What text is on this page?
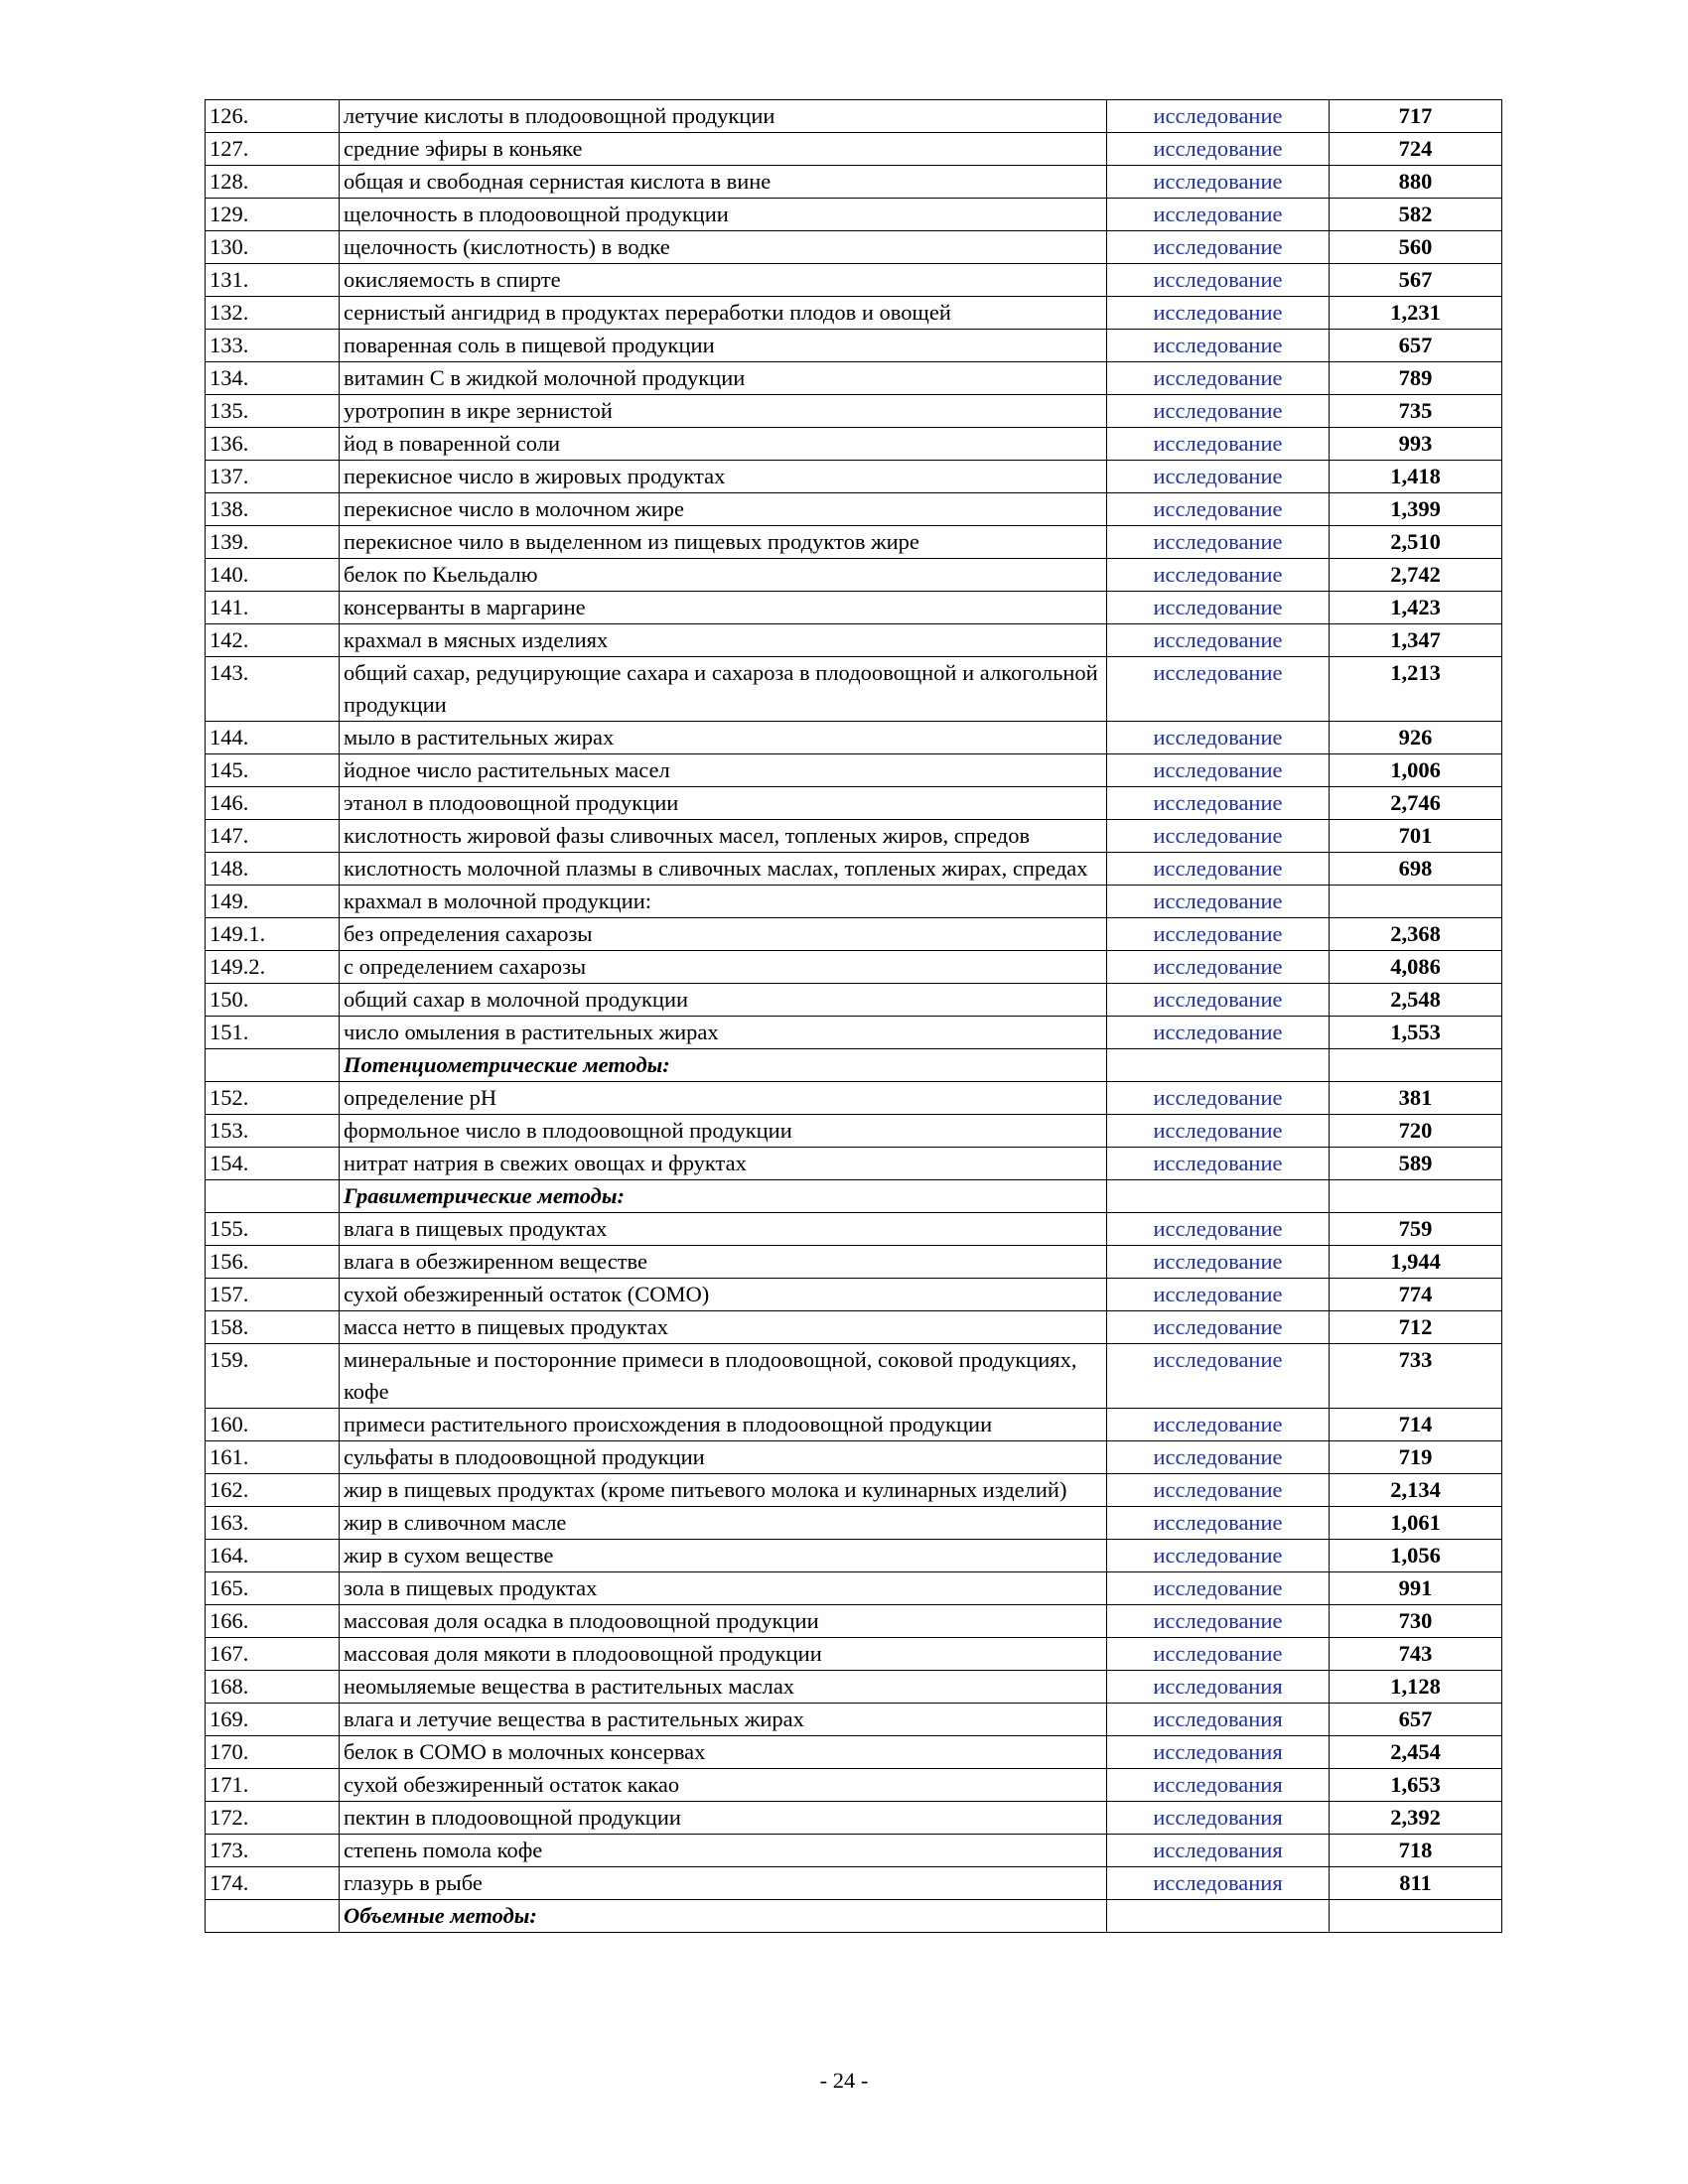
126.	летучие кислоты в плодоовощной продукции	исследование	717
127.	средние эфиры в коньяке	исследование	724
128.	общая и свободная сернистая кислота в вине	исследование	880
129.	щелочность в плодоовощной продукции	исследование	582
130.	щелочность (кислотность) в водке	исследование	560
131.	окисляемость в спирте	исследование	567
132.	сернистый ангидрид в продуктах переработки плодов и овощей	исследование	1,231
133.	поваренная соль в пищевой продукции	исследование	657
134.	витамин С в жидкой молочной продукции	исследование	789
135.	уротропин в икре зернистой	исследование	735
136.	йод в поваренной соли	исследование	993
137.	перекисное число в жировых продуктах	исследование	1,418
138.	перекисное число в молочном жире	исследование	1,399
139.	перекисное чило в выделенном из пищевых продуктов жире	исследование	2,510
140.	белок по Кьельдалю	исследование	2,742
141.	консерванты в маргарине	исследование	1,423
142.	крахмал в мясных изделиях	исследование	1,347
143.	общий сахар, редуцирующие сахара и сахароза в плодоовощной и алкогольной продукции	исследование	1,213
144.	мыло в растительных жирах	исследование	926
145.	йодное число растительных масел	исследование	1,006
146.	этанол в плодоовощной продукции	исследование	2,746
147.	кислотность жировой фазы сливочных масел, топленых жиров, спредов	исследование	701
148.	кислотность молочной плазмы в сливочных маслах, топленых жирах, спредах	исследование	698
149.	крахмал в молочной продукции:	исследование	
149.1.	без определения сахарозы	исследование	2,368
149.2.	с определением сахарозы	исследование	4,086
150.	общий сахар в молочной продукции	исследование	2,548
151.	число омыления в растительных жирах	исследование	1,553
	Потенциометрические методы:		
152.	определение рН	исследование	381
153.	формольное число в плодоовощной продукции	исследование	720
154.	нитрат натрия в свежих овощах и фруктах	исследование	589
	Гравиметрические методы:		
155.	влага в пищевых продуктах	исследование	759
156.	влага в обезжиренном веществе	исследование	1,944
157.	сухой обезжиренный остаток (СОМО)	исследование	774
158.	масса нетто в пищевых продуктах	исследование	712
159.	минеральные и посторонние примеси в плодоовощной, соковой продукциях, кофе	исследование	733
160.	примеси растительного происхождения в плодоовощной продукции	исследование	714
161.	сульфаты в плодоовощной продукции	исследование	719
162.	жир в пищевых продуктах (кроме питьевого молока и кулинарных изделий)	исследование	2,134
163.	жир в сливочном масле	исследование	1,061
164.	жир в сухом веществе	исследование	1,056
165.	зола в пищевых продуктах	исследование	991
166.	массовая доля осадка в плодоовощной продукции	исследование	730
167.	массовая доля мякоти в плодоовощной продукции	исследование	743
168.	неомыляемые вещества в растительных маслах	исследования	1,128
169.	влага и летучие вещества в растительных жирах	исследования	657
170.	белок в СОМО в молочных консервах	исследования	2,454
171.	сухой обезжиренный остаток какао	исследования	1,653
172.	пектин в плодоовощной продукции	исследования	2,392
173.	степень помола кофе	исследования	718
174.	глазурь в рыбе	исследования	811
	Объемные методы:		
- 24 -
